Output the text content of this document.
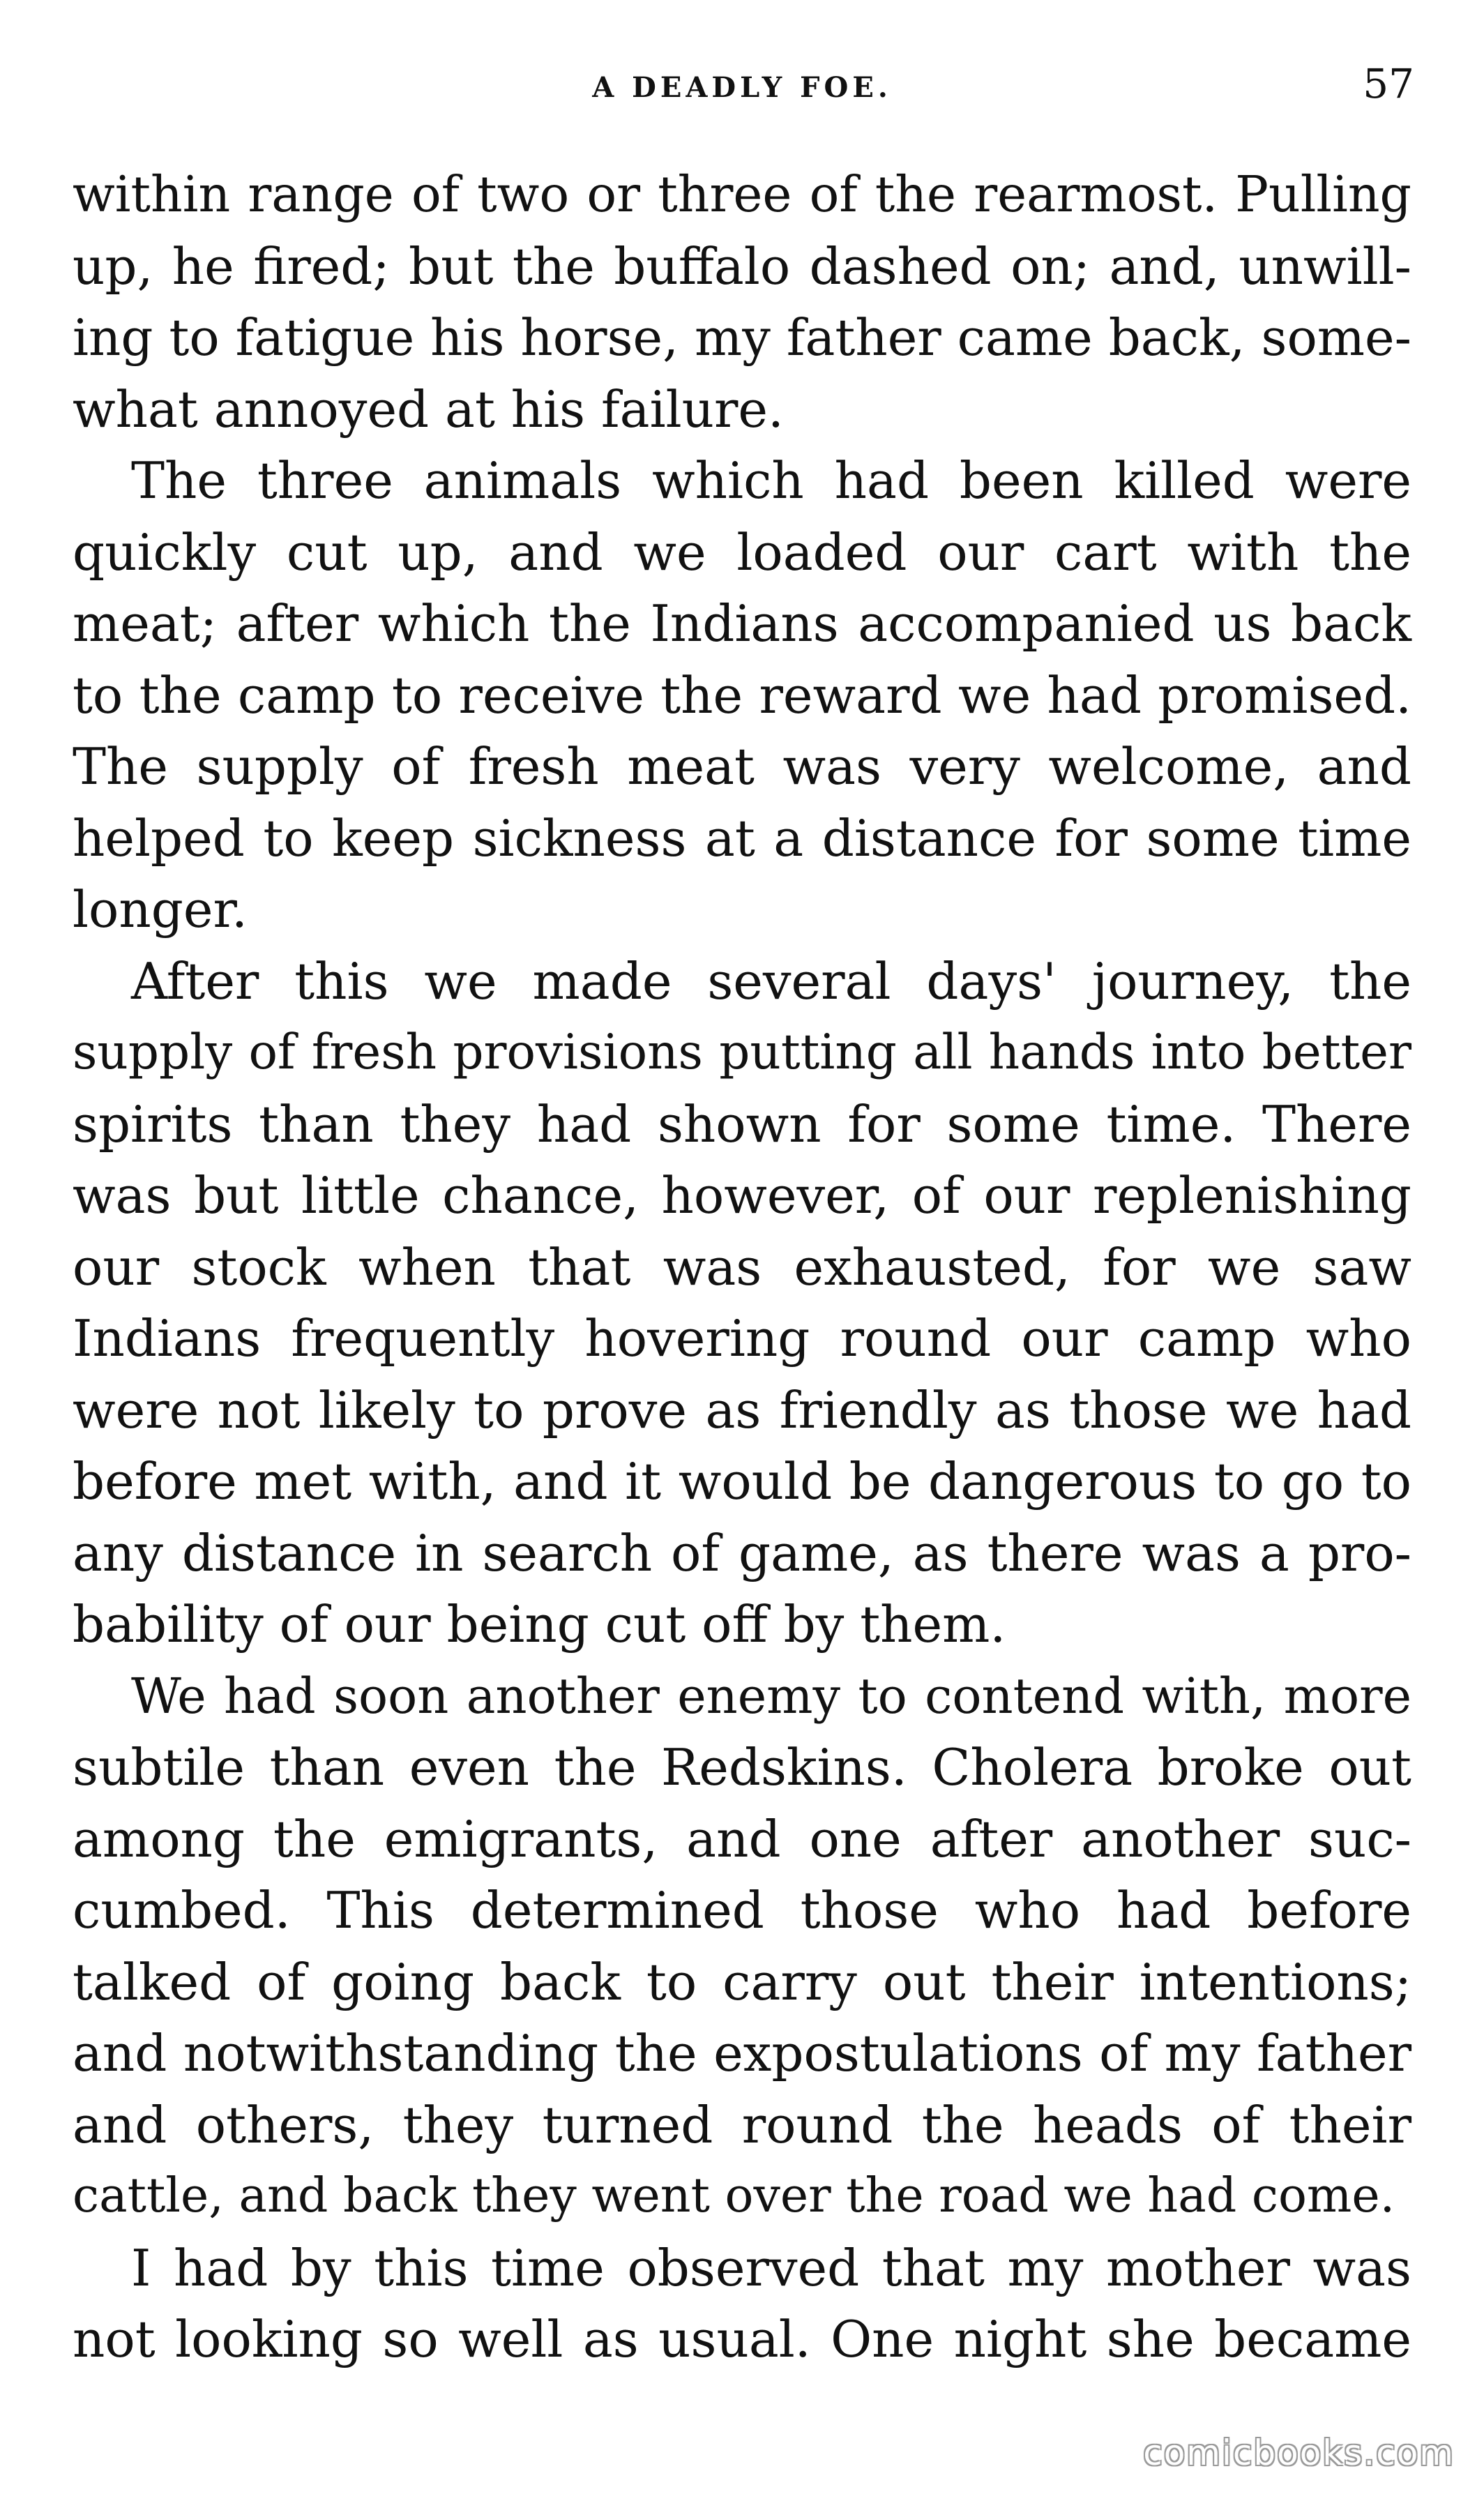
A DEADLY FOE.	57
within range of two or three of the rearmost. Pulling
up, he fired; but the buffalo dashed on; and, unwill-
ing to fatigue his horse, my father came back, some-
what annoyed at his failure.
The three animals which had been killed were
quickly cut up, and we loaded our cart with the
meat; after which the Indians accompanied us back
to the camp to receive the reward we had promised.
The supply of fresh meat was very welcome, and
helped to keep sickness at a distance for some time
longer.
After this we made several days' journey, the
supply of fresh provisions putting all hands into better
spirits than they had shown for some time. There
was but little chance, however, of our replenishing
our stock when that was exhausted, for we saw
Indians frequently hovering round our camp who
were not likely to prove as friendly as those we had
before met with, and it would be dangerous to go to
any distance in search of game, as there was a pro-
bability of our being cut off by them.
We had soon another enemy to contend with, more
subtile than even the Redskins. Cholera broke out
among the emigrants, and one after another suc-
cumbed. This determined those who had before
talked of going back to carry out their intentions;
and notwithstanding the expostulations of my father
and others, they turned round the heads of their
cattle, and back they went over the road we had come.
I had by this time observed that my mother was
not looking so well as usual. One night she became
comicbooks.com
